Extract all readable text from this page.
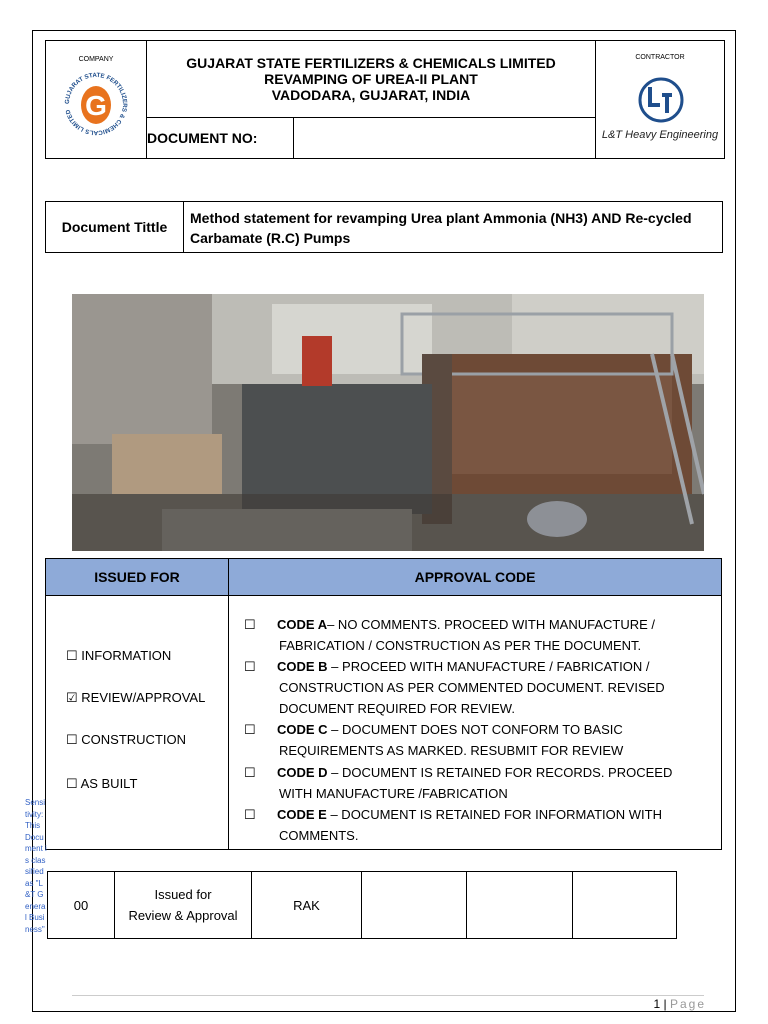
COMPANY
GUJARAT STATE FERTILIZERS & CHEMICALS LIMITED G
GUJARAT STATE FERTILIZERS & CHEMICALS LIMITED
REVAMPING OF UREA-II PLANT
VADODARA, GUJARAT, INDIA
DOCUMENT NO:
CONTRACTOR
L&T Heavy Engineering
Document Tittle
Method statement for revamping Urea plant Ammonia (NH3) AND Re-cycled Carbamate (R.C) Pumps
ISSUED FOR	APPROVAL CODE
☐ INFORMATION
☑ REVIEW/APPROVAL
☐ CONSTRUCTION
☐ AS BUILT
☐ CODE A– NO COMMENTS. PROCEED WITH MANUFACTURE /
FABRICATION / CONSTRUCTION AS PER THE DOCUMENT.
☐ CODE B – PROCEED WITH MANUFACTURE / FABRICATION /
CONSTRUCTION AS PER COMMENTED DOCUMENT. REVISED
DOCUMENT REQUIRED FOR REVIEW.
☐ CODE C – DOCUMENT DOES NOT CONFORM TO BASIC
REQUIREMENTS AS MARKED. RESUBMIT FOR REVIEW
☐ CODE D – DOCUMENT IS RETAINED FOR RECORDS. PROCEED
WITH MANUFACTURE /FABRICATION
☐ CODE E – DOCUMENT IS RETAINED FOR INFORMATION WITH
COMMENTS.
00
Issued for
Review & Approval
RAK
Sensitivity: This Document is classified as "L&T General Business"
1 | Page
